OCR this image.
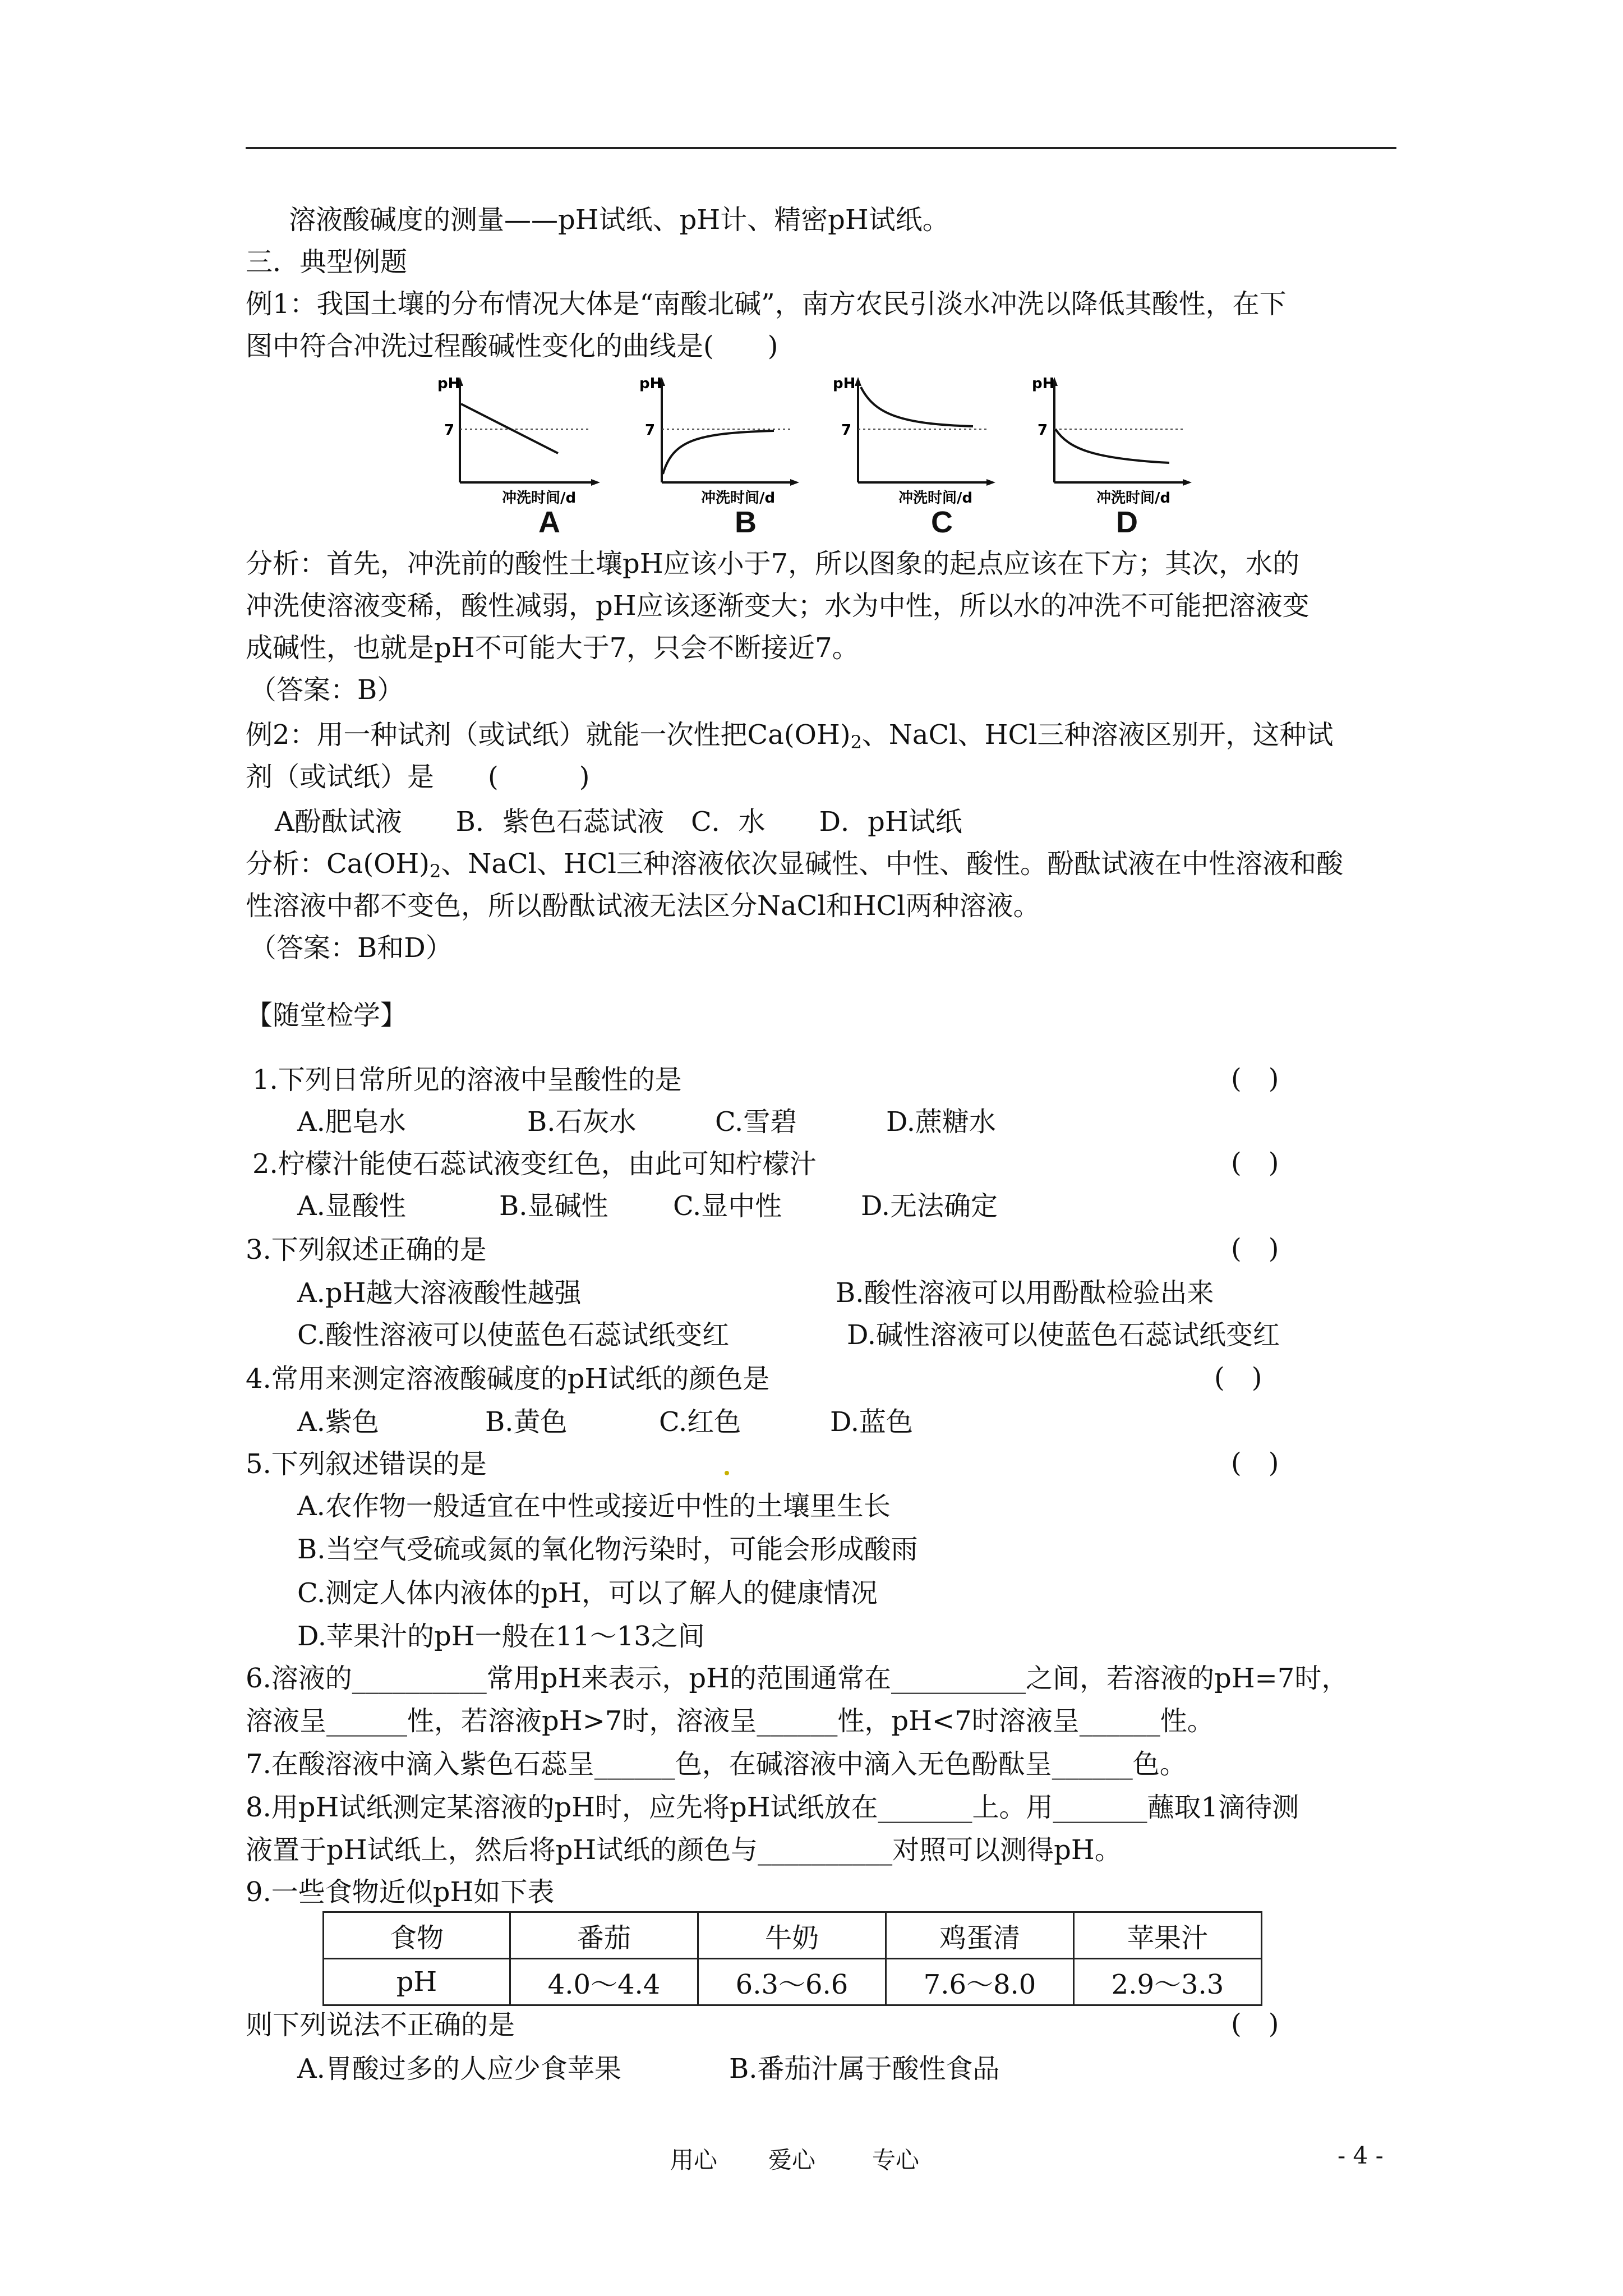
溶液酸碱度的测量——pH试纸、pH计、精密pH试纸。
三．典型例题
例1：我国土壤的分布情况大体是“南酸北碱”，南方农民引淡水冲洗以降低其酸性，在下
图中符合冲洗过程酸碱性变化的曲线是(  )
pH
7
冲洗时间/d
A
pH
7
冲洗时间/d
B
pH
7
冲洗时间/d
C
pH
7
冲洗时间/d
D
分析：首先，冲洗前的酸性土壤pH应该小于7，所以图象的起点应该在下方；其次，水的
冲洗使溶液变稀，酸性减弱，pH应该逐渐变大；水为中性，所以水的冲洗不可能把溶液变
成碱性，也就是pH不可能大于7，只会不断接近7。
（答案：B）
例2：用一种试剂（或试纸）就能一次性把$Ca(OH)_2$、NaCl、HCl三种溶液区别开，这种试
剂（或试纸）是　　(　　　)
A酚酞试液　　B．紫色石蕊试液　C．水　　D．pH试纸
分析：$Ca(OH)_2$、NaCl、HCl三种溶液依次显碱性、中性、酸性。酚酞试液在中性溶液和酸
性溶液中都不变色，所以酚酞试液无法区分NaCl和HCl两种溶液。
（答案：B和D）
【随堂检学】
1.下列日常所见的溶液中呈酸性的是	( )
A.肥皂水	B.石灰水	C.雪碧	D.蔗糖水
2.柠檬汁能使石蕊试液变红色，由此可知柠檬汁	( )
A.显酸性	B.显碱性 C.显中性	D.无法确定
3.下列叙述正确的是	( )
A.pH越大溶液酸性越强	B.酸性溶液可以用酚酞检验出来
C.酸性溶液可以使蓝色石蕊试纸变红	D.碱性溶液可以使蓝色石蕊试纸变红
4.常用来测定溶液酸碱度的pH试纸的颜色是	( )
A.紫色	B.黄色	C.红色	D.蓝色
5.下列叙述错误的是	( )
A.农作物一般适宜在中性或接近中性的土壤里生长
B.当空气受硫或氮的氧化物污染时，可能会形成酸雨
C.测定人体内液体的pH，可以了解人的健康情况
D.苹果汁的pH一般在11～13之间
6.溶液的__________常用pH来表示，pH的范围通常在__________之间，若溶液的pH=7时，
溶液呈______性，若溶液pH>7时，溶液呈______性，pH<7时溶液呈______性。
7.在酸溶液中滴入紫色石蕊呈______色，在碱溶液中滴入无色酚酞呈______色。
8.用pH试纸测定某溶液的pH时，应先将pH试纸放在_______上。用_______蘸取1滴待测
液置于pH试纸上，然后将pH试纸的颜色与__________对照可以测得pH。
9.一些食物近似pH如下表
食物	番茄	牛奶	鸡蛋清	苹果汁
pH	4.0～4.4	6.3～6.6	7.6～8.0	2.9～3.3
则下列说法不正确的是	( )
A.胃酸过多的人应少食苹果	B.番茄汁属于酸性食品
用心 爱心 专心	- 4 -
